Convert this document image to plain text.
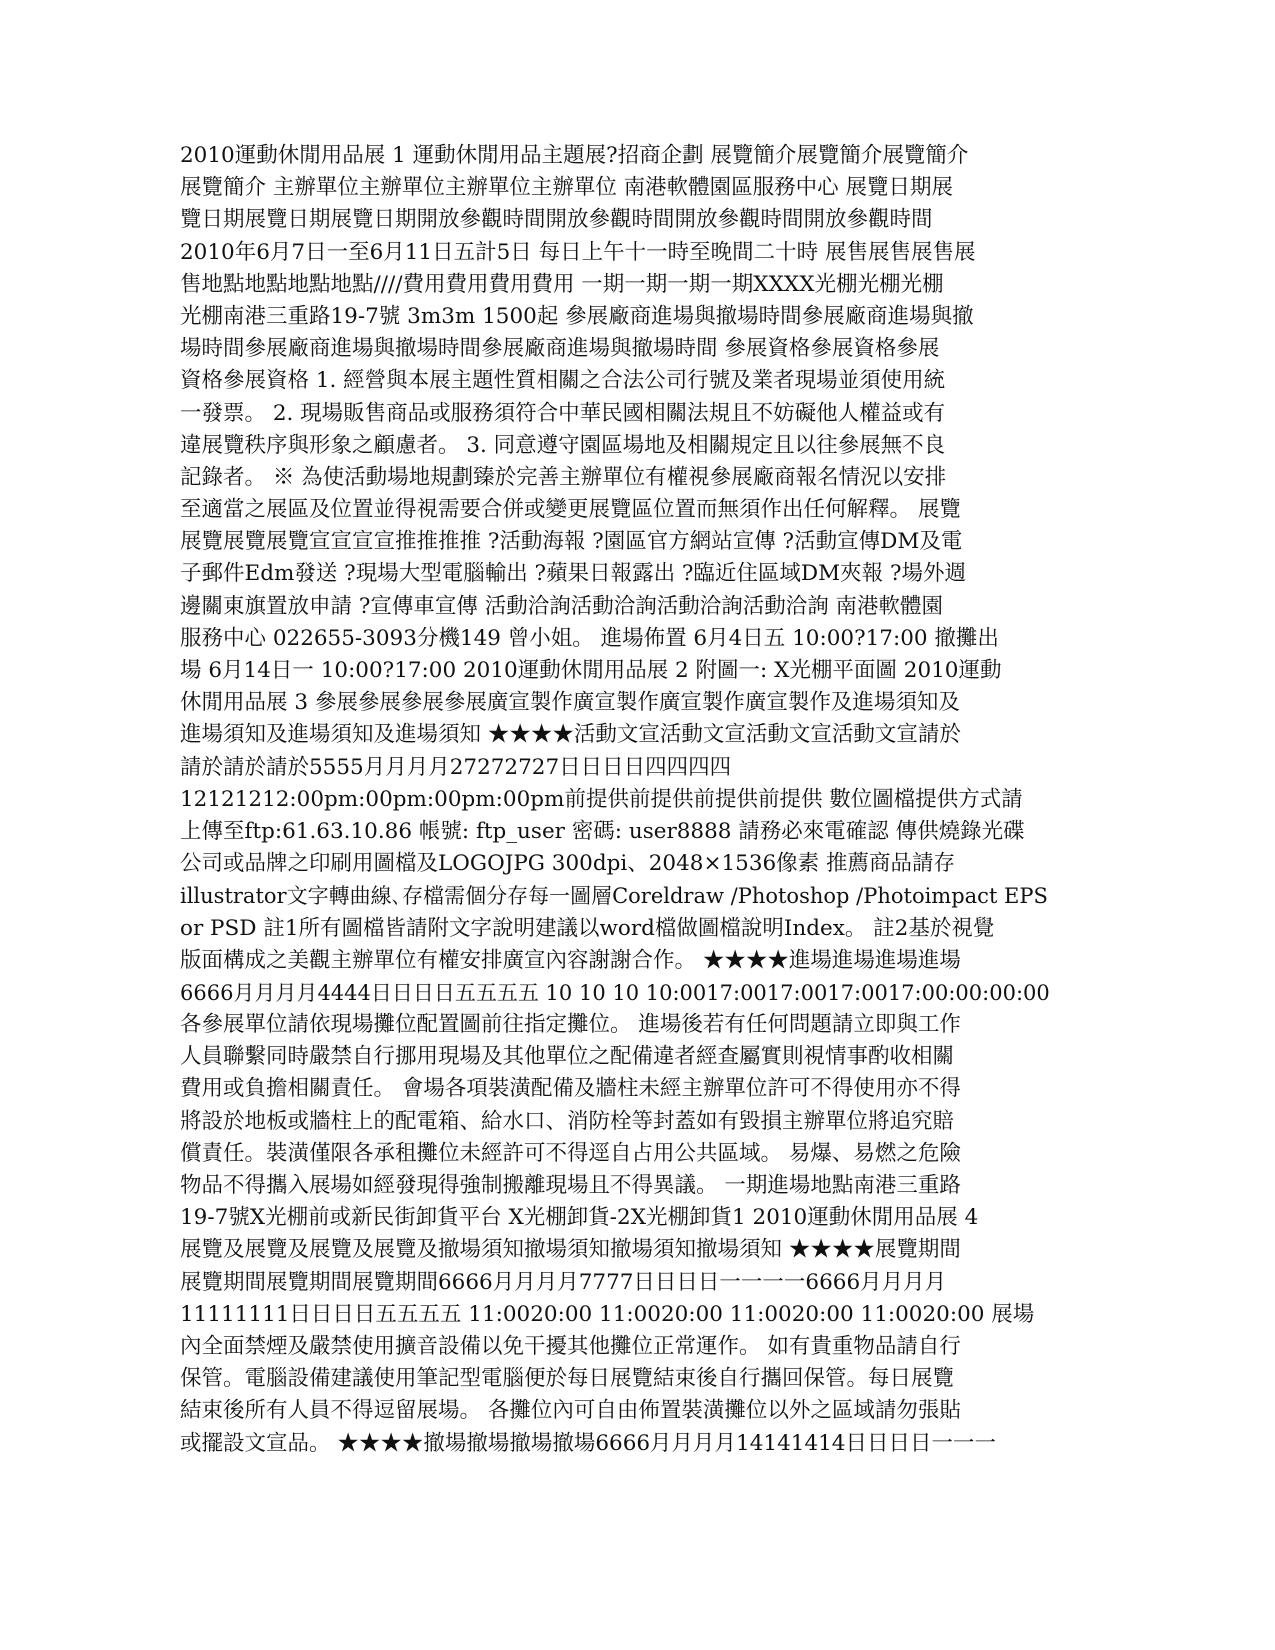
2010運動休閒用品展 1 運動休閒用品主題展?招商企劃 展覽簡介展覽簡介展覽簡介
展覽簡介 主辦單位主辦單位主辦單位主辦單位 南港軟體園區服務中心 展覽日期展
覽日期展覽日期展覽日期開放參觀時間開放參觀時間開放參觀時間開放參觀時間
2010年6月7日一至6月11日五計5日 每日上午十一時至晚間二十時 展售展售展售展
售地點地點地點地點////費用費用費用費用 一期一期一期一期XXXX光棚光棚光棚
光棚南港三重路19-7號 3m3m 1500起 參展廠商進場與撤場時間參展廠商進場與撤
場時間參展廠商進場與撤場時間參展廠商進場與撤場時間 參展資格參展資格參展
資格參展資格 1. 經營與本展主題性質相關之合法公司行號及業者現場並須使用統
一發票。 2. 現場販售商品或服務須符合中華民國相關法規且不妨礙他人權益或有
違展覽秩序與形象之顧慮者。 3. 同意遵守園區場地及相關規定且以往參展無不良
記錄者。 ※ 為使活動場地規劃臻於完善主辦單位有權視參展廠商報名情況以安排
至適當之展區及位置並得視需要合併或變更展覽區位置而無須作出任何解釋。 展覽
展覽展覽展覽宣宣宣宣推推推推 ?活動海報 ?園區官方網站宣傳 ?活動宣傳DM及電
子郵件Edm發送 ?現場大型電腦輸出 ?蘋果日報露出 ?臨近住區域DM夾報 ?場外週
邊關東旗置放申請 ?宣傳車宣傳 活動洽詢活動洽詢活動洽詢活動洽詢 南港軟體園
服務中心 022655-3093分機149 曾小姐。 進場佈置 6月4日五 10:00?17:00 撤攤出
場 6月14日一 10:00?17:00 2010運動休閒用品展 2 附圖一: X光棚平面圖 2010運動
休閒用品展 3 參展參展參展參展廣宣製作廣宣製作廣宣製作廣宣製作及進場須知及
進場須知及進場須知及進場須知 ★★★★活動文宣活動文宣活動文宣活動文宣請於
請於請於請於5555月月月月27272727日日日日四四四四
12121212:00pm:00pm:00pm:00pm前提供前提供前提供前提供 數位圖檔提供方式請
上傳至ftp:61.63.10.86 帳號: ftp_user 密碼: user8888 請務必來電確認 傳供燒錄光碟
公司或品牌之印刷用圖檔及LOGOJPG 300dpi、2048×1536像素 推薦商品請存
illustrator文字轉曲線､存檔需個分存每一圖層Coreldraw /Photoshop /Photoimpact EPS
or PSD 註1所有圖檔皆請附文字說明建議以word檔做圖檔說明Index。 註2基於視覺
版面構成之美觀主辦單位有權安排廣宣內容謝謝合作。 ★★★★進場進場進場進場
6666月月月月4444日日日日五五五五 10 10 10 10:0017:0017:0017:0017:00:00:00:00
各參展單位請依現場攤位配置圖前往指定攤位。 進場後若有任何問題請立即與工作
人員聯繫同時嚴禁自行挪用現場及其他單位之配備違者經查屬實則視情事酌收相關
費用或負擔相關責任。 會場各項裝潢配備及牆柱未經主辦單位許可不得使用亦不得
將設於地板或牆柱上的配電箱、給水口、消防栓等封蓋如有毀損主辦單位將追究賠
償責任。裝潢僅限各承租攤位未經許可不得逕自占用公共區域。 易爆、易燃之危險
物品不得攜入展場如經發現得強制搬離現場且不得異議。 一期進場地點南港三重路
19-7號X光棚前或新民街卸貨平台 X光棚卸貨-2X光棚卸貨1 2010運動休閒用品展 4
展覽及展覽及展覽及展覽及撤場須知撤場須知撤場須知撤場須知 ★★★★展覽期間
展覽期間展覽期間展覽期間6666月月月月7777日日日日一一一一6666月月月月
11111111日日日日五五五五 11:0020:00 11:0020:00 11:0020:00 11:0020:00 展場
內全面禁煙及嚴禁使用擴音設備以免干擾其他攤位正常運作。 如有貴重物品請自行
保管。電腦設備建議使用筆記型電腦便於每日展覽結束後自行攜回保管。每日展覽
結束後所有人員不得逗留展場。 各攤位內可自由佈置裝潢攤位以外之區域請勿張貼
或擺設文宣品。 ★★★★撤場撤場撤場撤場6666月月月月14141414日日日日一一一
